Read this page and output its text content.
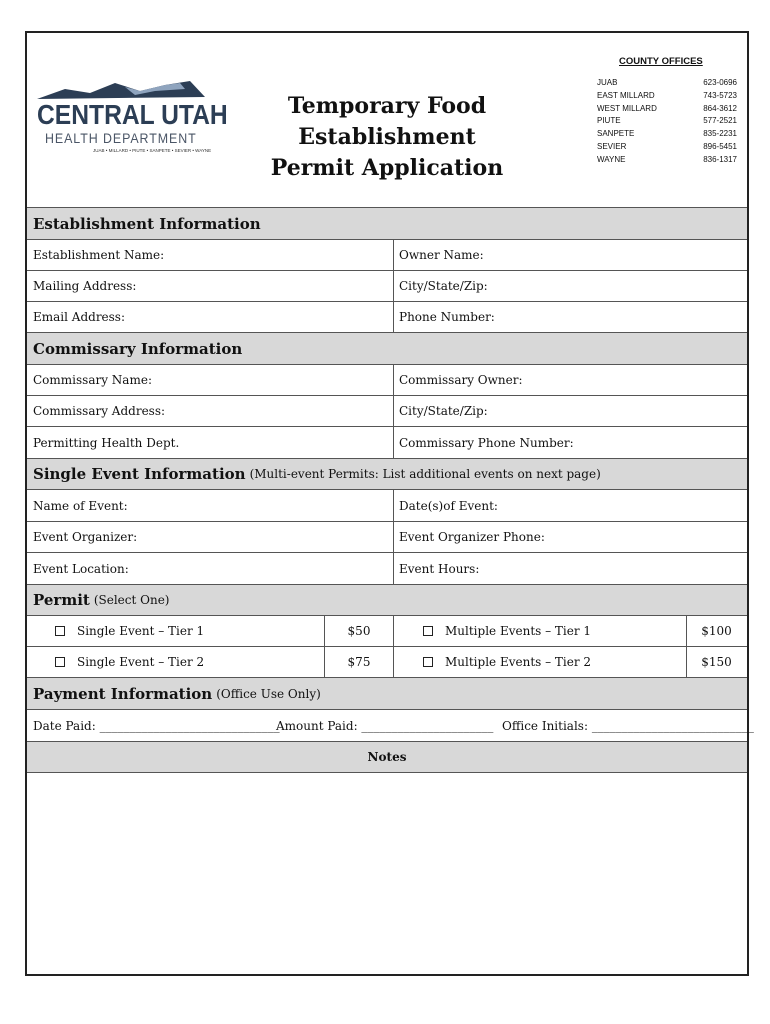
CENTRAL UTAH
HEALTH DEPARTMENT
JUAB • MILLARD • PIUTE • SANPETE • SEVIER • WAYNE
Temporary Food Establishment
Permit Application
COUNTY OFFICES
JUAB	623-0696
EAST MILLARD	743-5723
WEST MILLARD	864-3612
PIUTE	577-2521
SANPETE	835-2231
SEVIER	896-5451
WAYNE	836-1317
Establishment Information
Establishment Name:	Owner Name:
Mailing Address:	City/State/Zip:
Email Address:	Phone Number:
Commissary Information
Commissary Name:	Commissary Owner:
Commissary Address:	City/State/Zip:
Permitting Health Dept.	Commissary Phone Number:
Single Event Information (Multi-event Permits: List additional events on next page)
Name of Event:	Date(s)of Event:
Event Organizer:	Event Organizer Phone:
Event Location:	Event Hours:
Permit (Select One)
Single Event – Tier 1	$50	Multiple Events – Tier 1	$100
Single Event – Tier 2	$75	Multiple Events – Tier 2	$150
Payment Information (Office Use Only)
Date Paid: ______________________________
Amount Paid: ______________________ Office Initials: ___________________________
Notes
